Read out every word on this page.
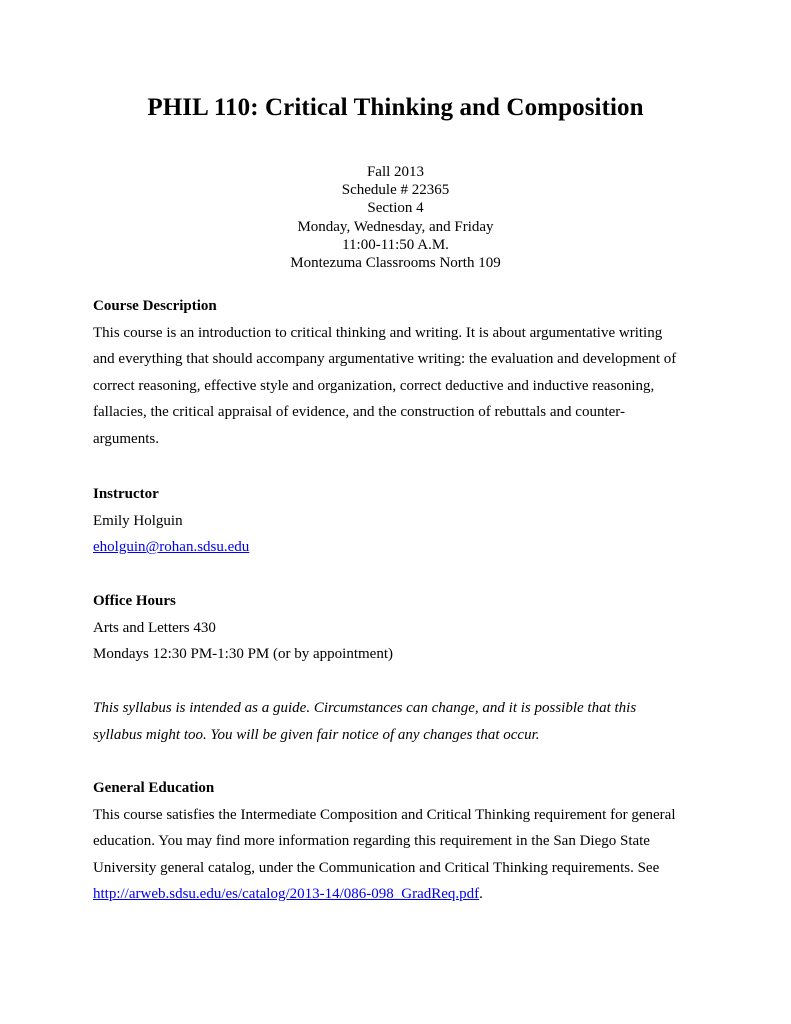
PHIL 110: Critical Thinking and Composition
Fall 2013
Schedule # 22365
Section 4
Monday, Wednesday, and Friday
11:00-11:50 A.M.
Montezuma Classrooms North 109
Course Description
This course is an introduction to critical thinking and writing. It is about argumentative writing
and everything that should accompany argumentative writing: the evaluation and development of
correct reasoning, effective style and organization, correct deductive and inductive reasoning,
fallacies, the critical appraisal of evidence, and the construction of rebuttals and counter-
arguments.
Instructor
Emily Holguin
eholguin@rohan.sdsu.edu
Office Hours
Arts and Letters 430
Mondays 12:30 PM-1:30 PM (or by appointment)
This syllabus is intended as a guide. Circumstances can change, and it is possible that this
syllabus might too. You will be given fair notice of any changes that occur.
General Education
This course satisfies the Intermediate Composition and Critical Thinking requirement for general
education. You may find more information regarding this requirement in the San Diego State
University general catalog, under the Communication and Critical Thinking requirements. See
http://arweb.sdsu.edu/es/catalog/2013-14/086-098_GradReq.pdf.
